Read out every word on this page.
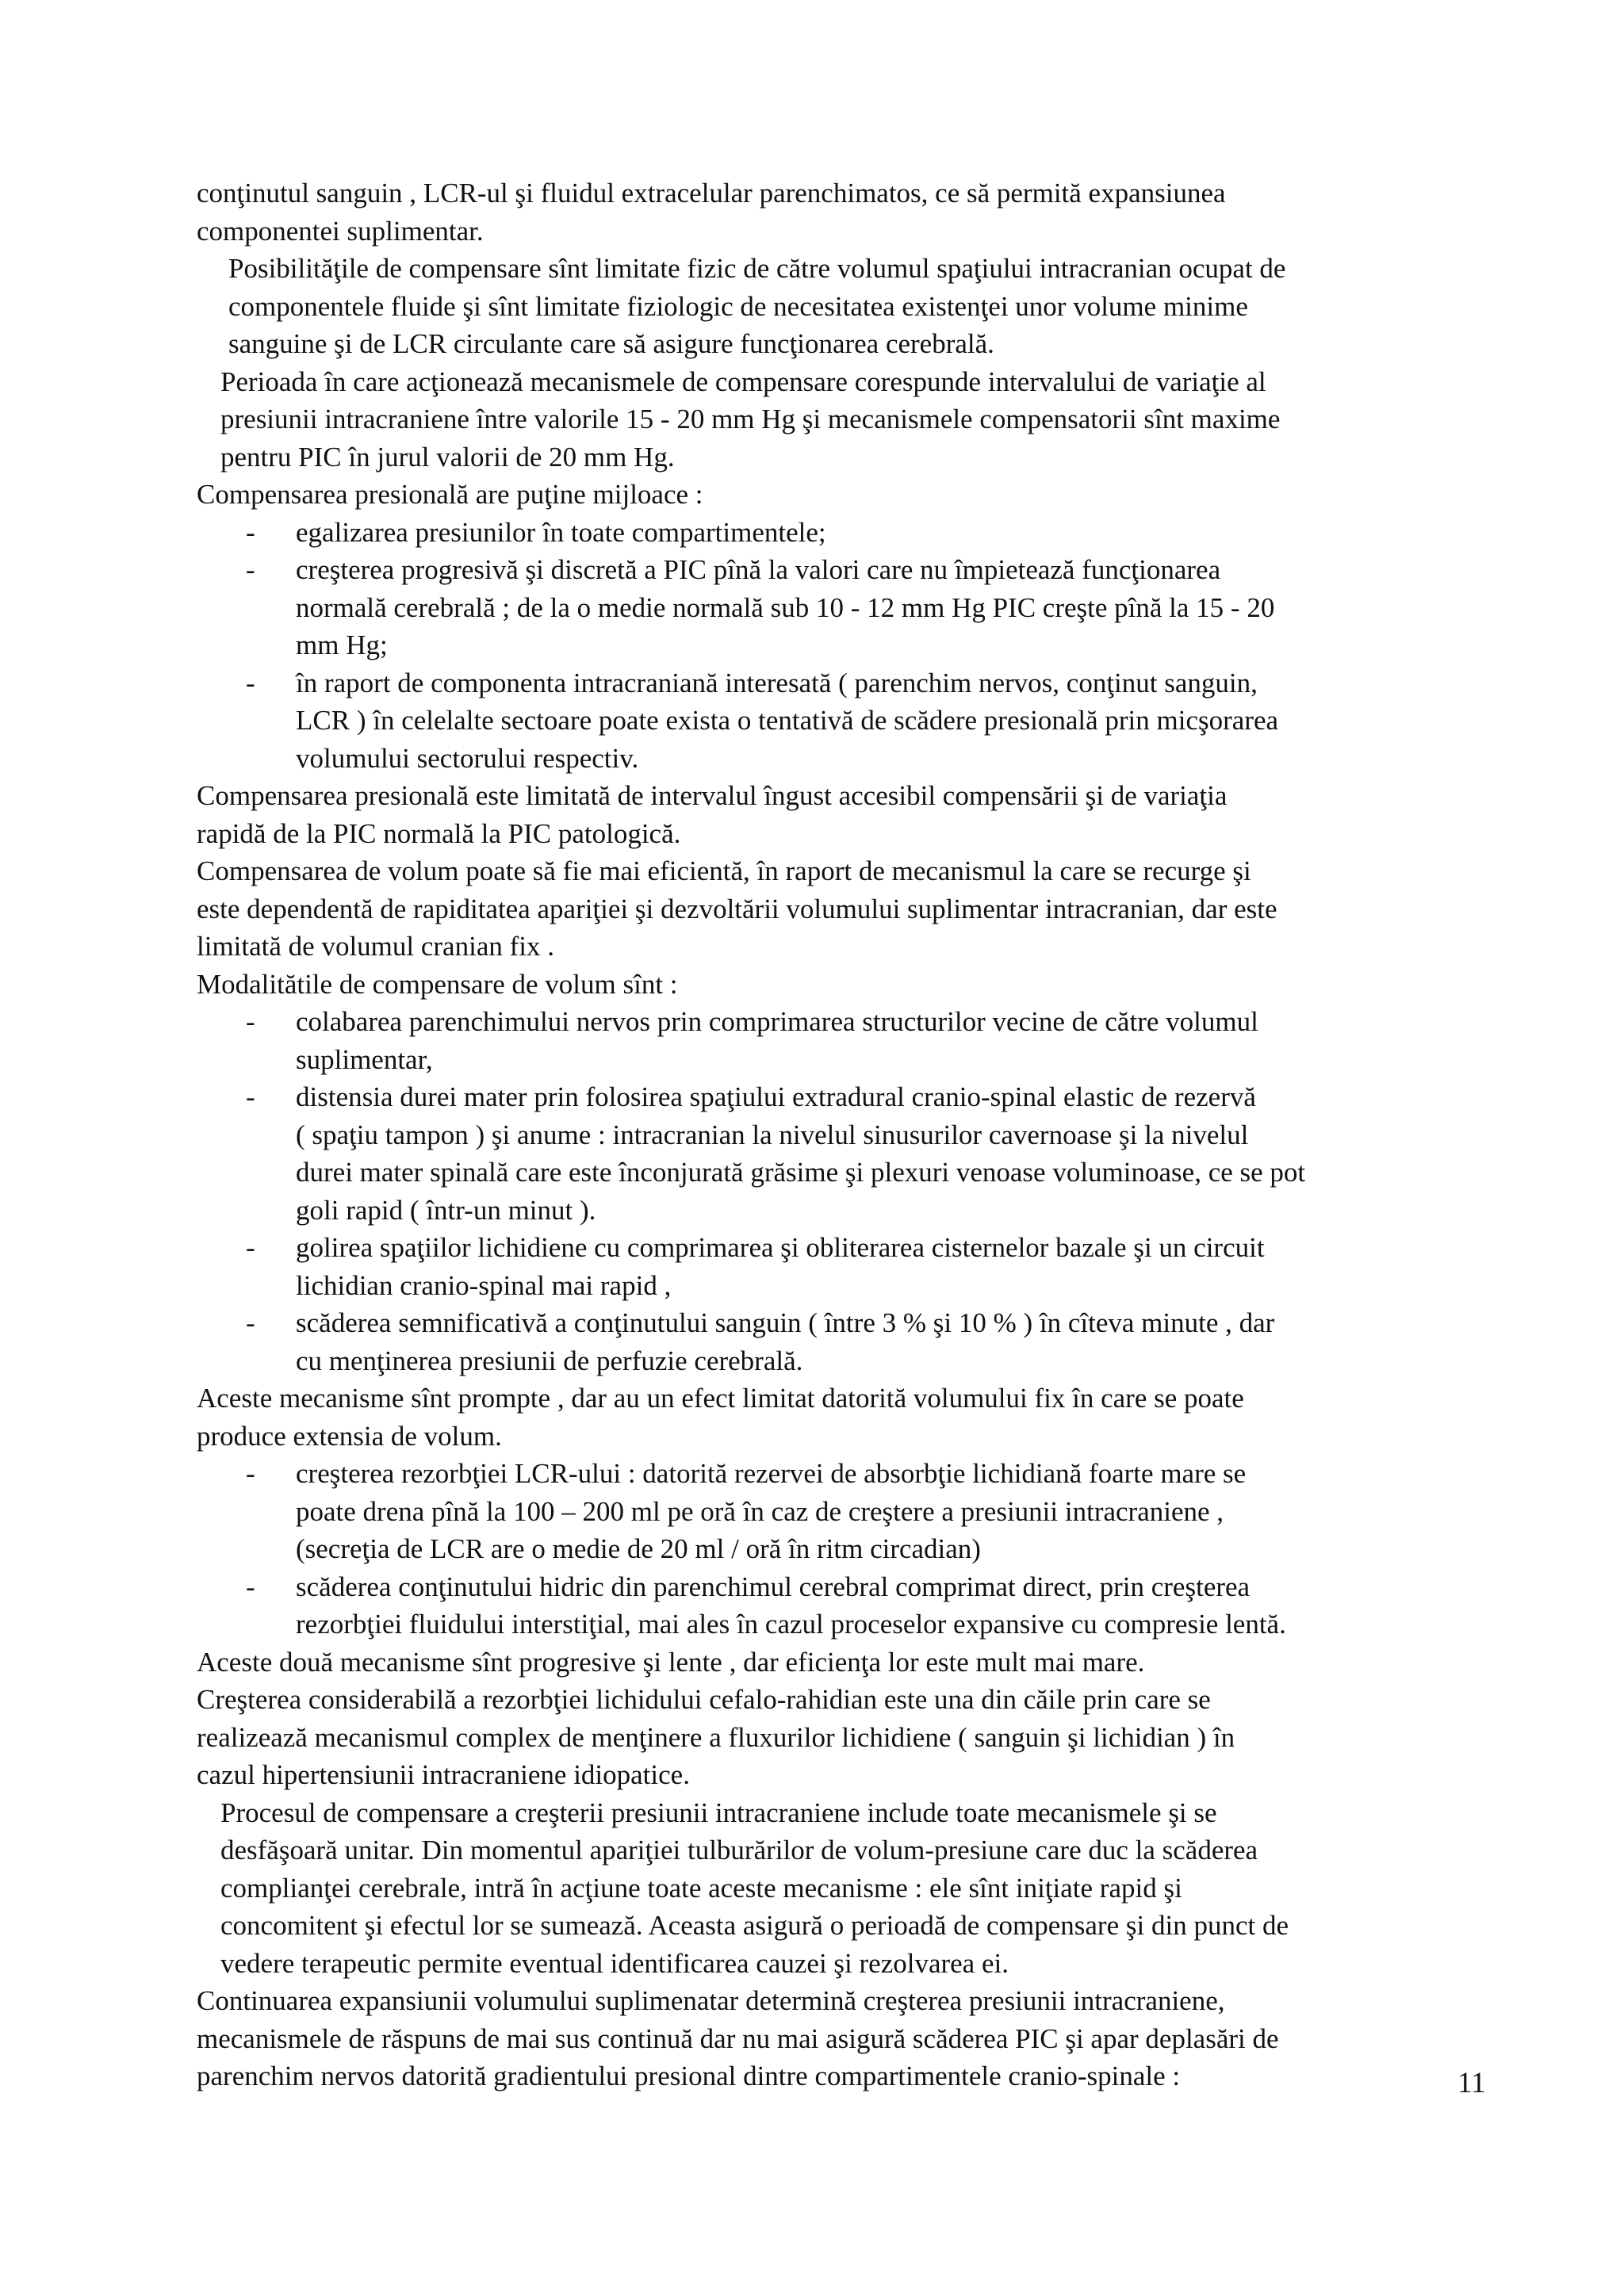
conţinutul sanguin , LCR-ul şi fluidul extracelular parenchimatos, ce să permită expansiunea
componentei suplimentar.
Posibilităţile de compensare sînt limitate fizic de către volumul spaţiului intracranian ocupat de
componentele fluide şi sînt limitate fiziologic de necesitatea existenţei unor volume minime
sanguine şi de LCR circulante care să asigure funcţionarea cerebrală.
Perioada în care acţionează mecanismele de compensare corespunde intervalului de variaţie al
presiunii intracraniene între valorile 15 - 20 mm Hg şi mecanismele compensatorii sînt maxime
pentru PIC în jurul valorii de 20 mm Hg.
Compensarea presională are puţine mijloace :
- egalizarea presiunilor în toate compartimentele;
- creşterea progresivă şi discretă a PIC pînă la valori care nu împietează funcţionarea
normală cerebrală ; de la o medie normală sub 10 - 12 mm Hg PIC creşte pînă la 15 - 20
mm Hg;
- în raport de componenta intracraniană interesată ( parenchim nervos, conţinut sanguin,
LCR ) în celelalte sectoare poate exista o tentativă de scădere presională prin micşorarea
volumului sectorului respectiv.
Compensarea presională este limitată de intervalul îngust accesibil compensării şi de variaţia
rapidă de la PIC normală la PIC patologică.
Compensarea de volum poate să fie mai eficientă, în raport de mecanismul la care se recurge şi
este dependentă de rapiditatea apariţiei şi dezvoltării volumului suplimentar intracranian, dar este
limitată de volumul cranian fix .
Modalitătile de compensare de volum sînt :
- colabarea parenchimului nervos prin comprimarea structurilor vecine de către volumul
suplimentar,
- distensia durei mater prin folosirea spaţiului extradural cranio-spinal elastic de rezervă
( spaţiu tampon ) şi anume : intracranian la nivelul sinusurilor cavernoase şi la nivelul
durei mater spinală care este înconjurată grăsime şi plexuri venoase voluminoase, ce se pot
goli rapid ( într-un minut ).
- golirea spaţiilor lichidiene cu comprimarea şi obliterarea cisternelor bazale şi un circuit
lichidian cranio-spinal mai rapid ,
- scăderea semnificativă a conţinutului sanguin ( între 3 % şi 10 % ) în cîteva minute , dar
cu menţinerea presiunii de perfuzie cerebrală.
Aceste mecanisme sînt prompte , dar au un efect limitat datorită volumului fix în care se poate
produce extensia de volum.
- creşterea rezorbţiei LCR-ului : datorită rezervei de absorbţie lichidiană foarte mare se
poate drena pînă la 100 – 200 ml pe oră în caz de creştere a presiunii intracraniene ,
(secreţia de LCR are o medie de 20 ml / oră în ritm circadian)
- scăderea conţinutului hidric din parenchimul cerebral comprimat direct, prin creşterea
rezorbţiei fluidului interstiţial, mai ales în cazul proceselor expansive cu compresie lentă.
Aceste două mecanisme sînt progresive şi lente , dar eficienţa lor este mult mai mare.
Creşterea considerabilă a rezorbţiei lichidului cefalo-rahidian este una din căile prin care se
realizează mecanismul complex de menţinere a fluxurilor lichidiene ( sanguin şi lichidian ) în
cazul hipertensiunii intracraniene idiopatice.
Procesul de compensare a creşterii presiunii intracraniene include toate mecanismele şi se
desfăşoară unitar. Din momentul apariţiei tulburărilor de volum-presiune care duc la scăderea
complianţei cerebrale, intră în acţiune toate aceste mecanisme : ele sînt iniţiate rapid şi
concomitent şi efectul lor se sumează. Aceasta asigură o perioadă de compensare şi din punct de
vedere terapeutic permite eventual identificarea cauzei şi rezolvarea ei.
Continuarea expansiunii volumului suplimenatar determină creşterea presiunii intracraniene,
mecanismele de răspuns de mai sus continuă dar nu mai asigură scăderea PIC şi apar deplasări de
parenchim nervos datorită gradientului presional dintre compartimentele cranio-spinale :	11
